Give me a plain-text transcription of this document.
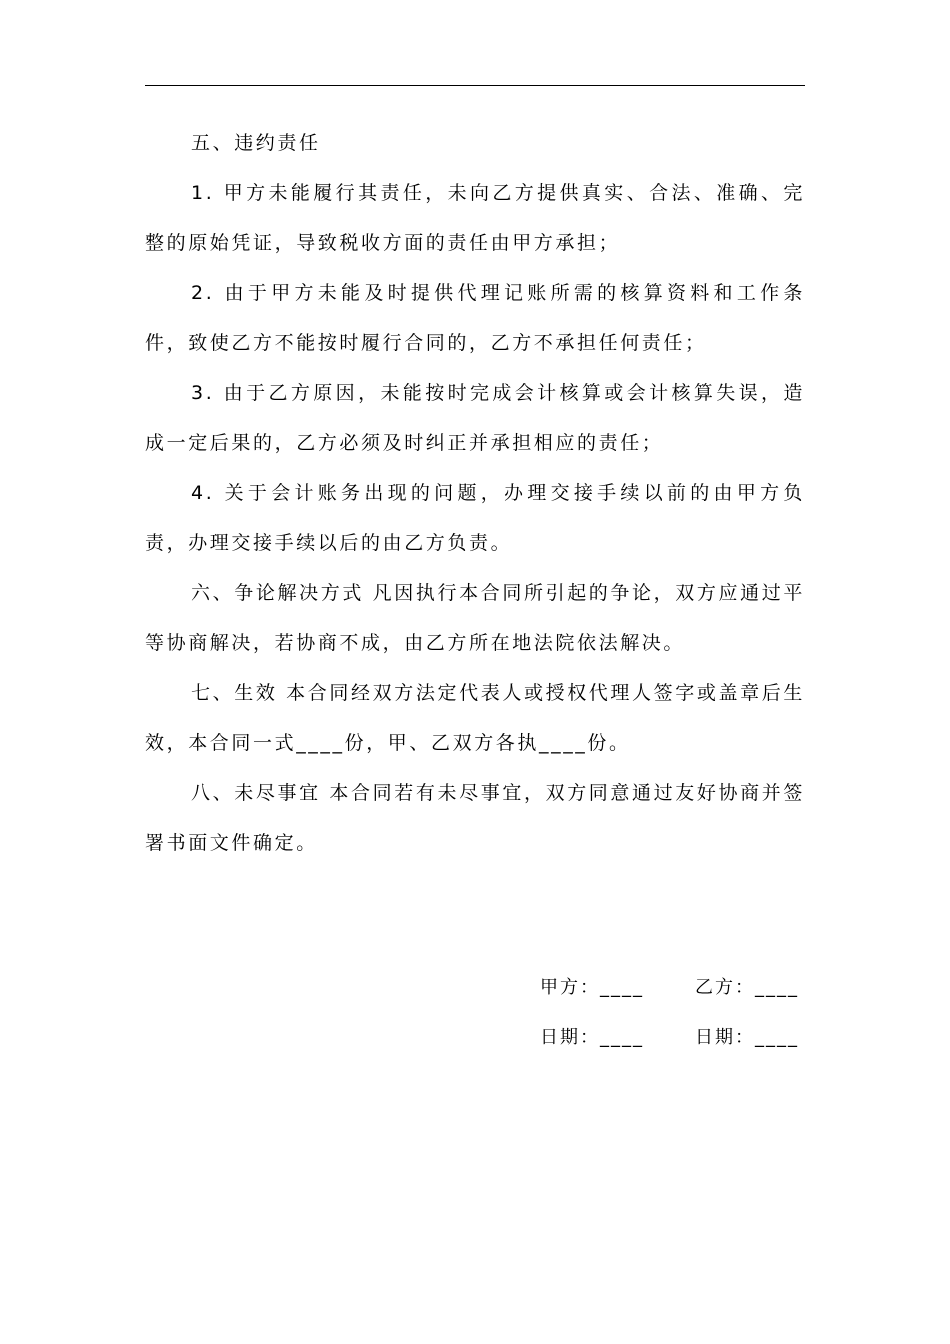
五、违约责任

1. 甲方未能履行其责任，未向乙方提供真实、合法、准确、完整的原始凭证，导致税收方面的责任由甲方承担；

2. 由于甲方未能及时提供代理记账所需的核算资料和工作条件，致使乙方不能按时履行合同的，乙方不承担任何责任；

3. 由于乙方原因，未能按时完成会计核算或会计核算失误，造成一定后果的，乙方必须及时纠正并承担相应的责任；

4. 关于会计账务出现的问题，办理交接手续以前的由甲方负责，办理交接手续以后的由乙方负责。

六、争论解决方式 凡因执行本合同所引起的争论，双方应通过平等协商解决，若协商不成，由乙方所在地法院依法解决。

七、生效 本合同经双方法定代表人或授权代理人签字或盖章后生效，本合同一式____份，甲、乙双方各执____份。

八、未尽事宜 本合同若有未尽事宜，双方同意通过友好协商并签署书面文件确定。

甲方：____	乙方：____
日期：____	日期：____
